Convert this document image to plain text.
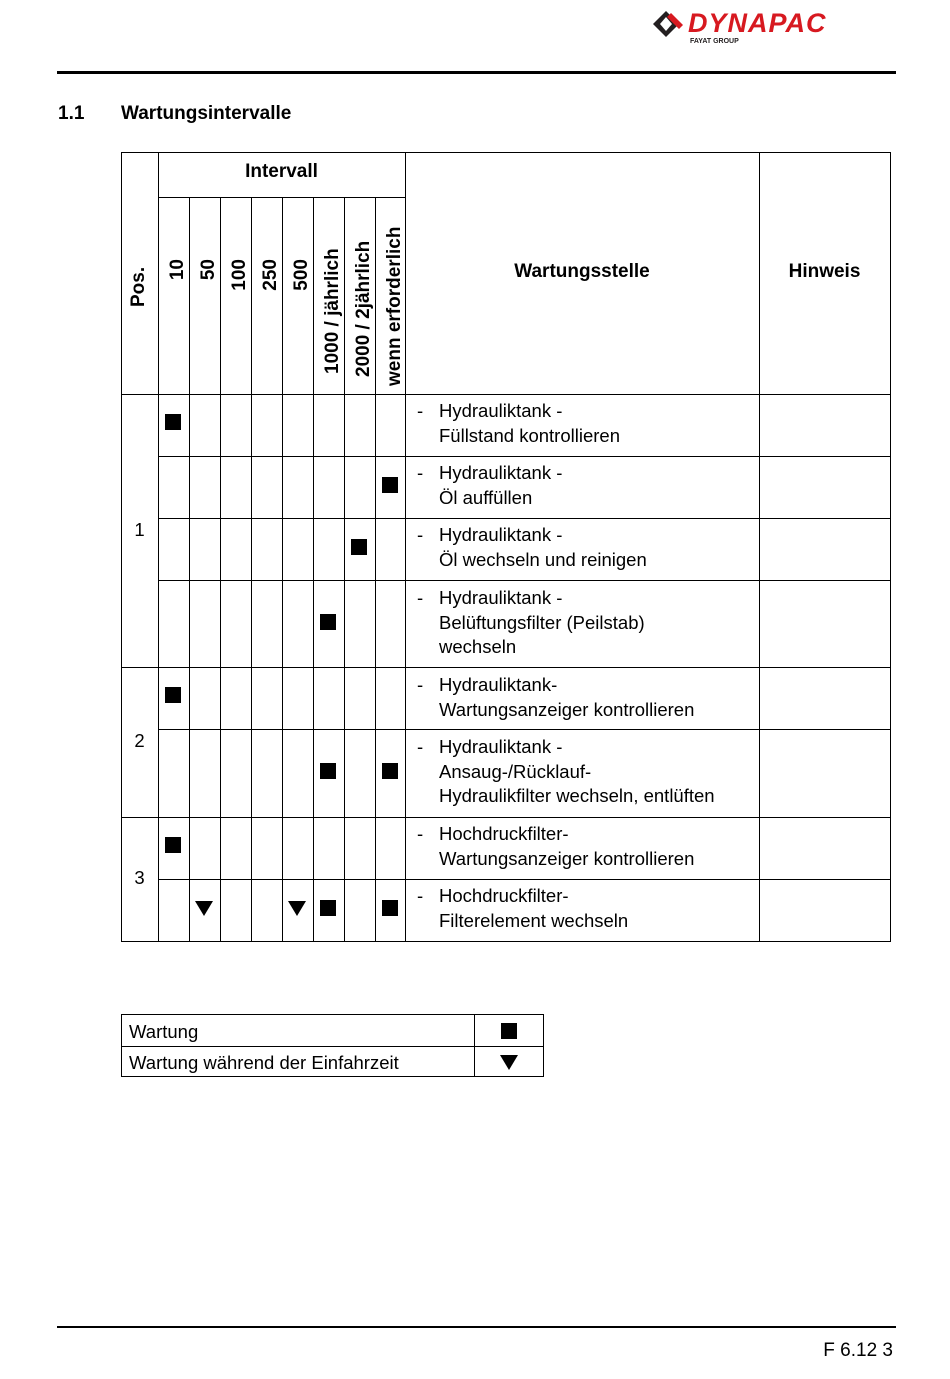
DYNAPAC
FAYAT GROUP
1.1 Wartungsintervalle
Intervall
Pos. 10 50 100 250 500 1000 / jährlich 2000 / 2jährlich wenn erforderlich	Wartungsstelle	Hinweis
1
2
3
- Hydrauliktank -
Füllstand kontrollieren
- Hydrauliktank -
Öl auffüllen
- Hydrauliktank -
Öl wechseln und reinigen
- Hydrauliktank -
Belüftungsfilter (Peilstab)
wechseln
- Hydrauliktank-
Wartungsanzeiger kontrollieren
- Hydrauliktank -
Ansaug-/Rücklauf-
Hydraulikfilter wechseln, entlüften
- Hochdruckfilter-
Wartungsanzeiger kontrollieren
- Hochdruckfilter-
Filterelement wechseln
Wartung
Wartung während der Einfahrzeit
F 6.12 3
